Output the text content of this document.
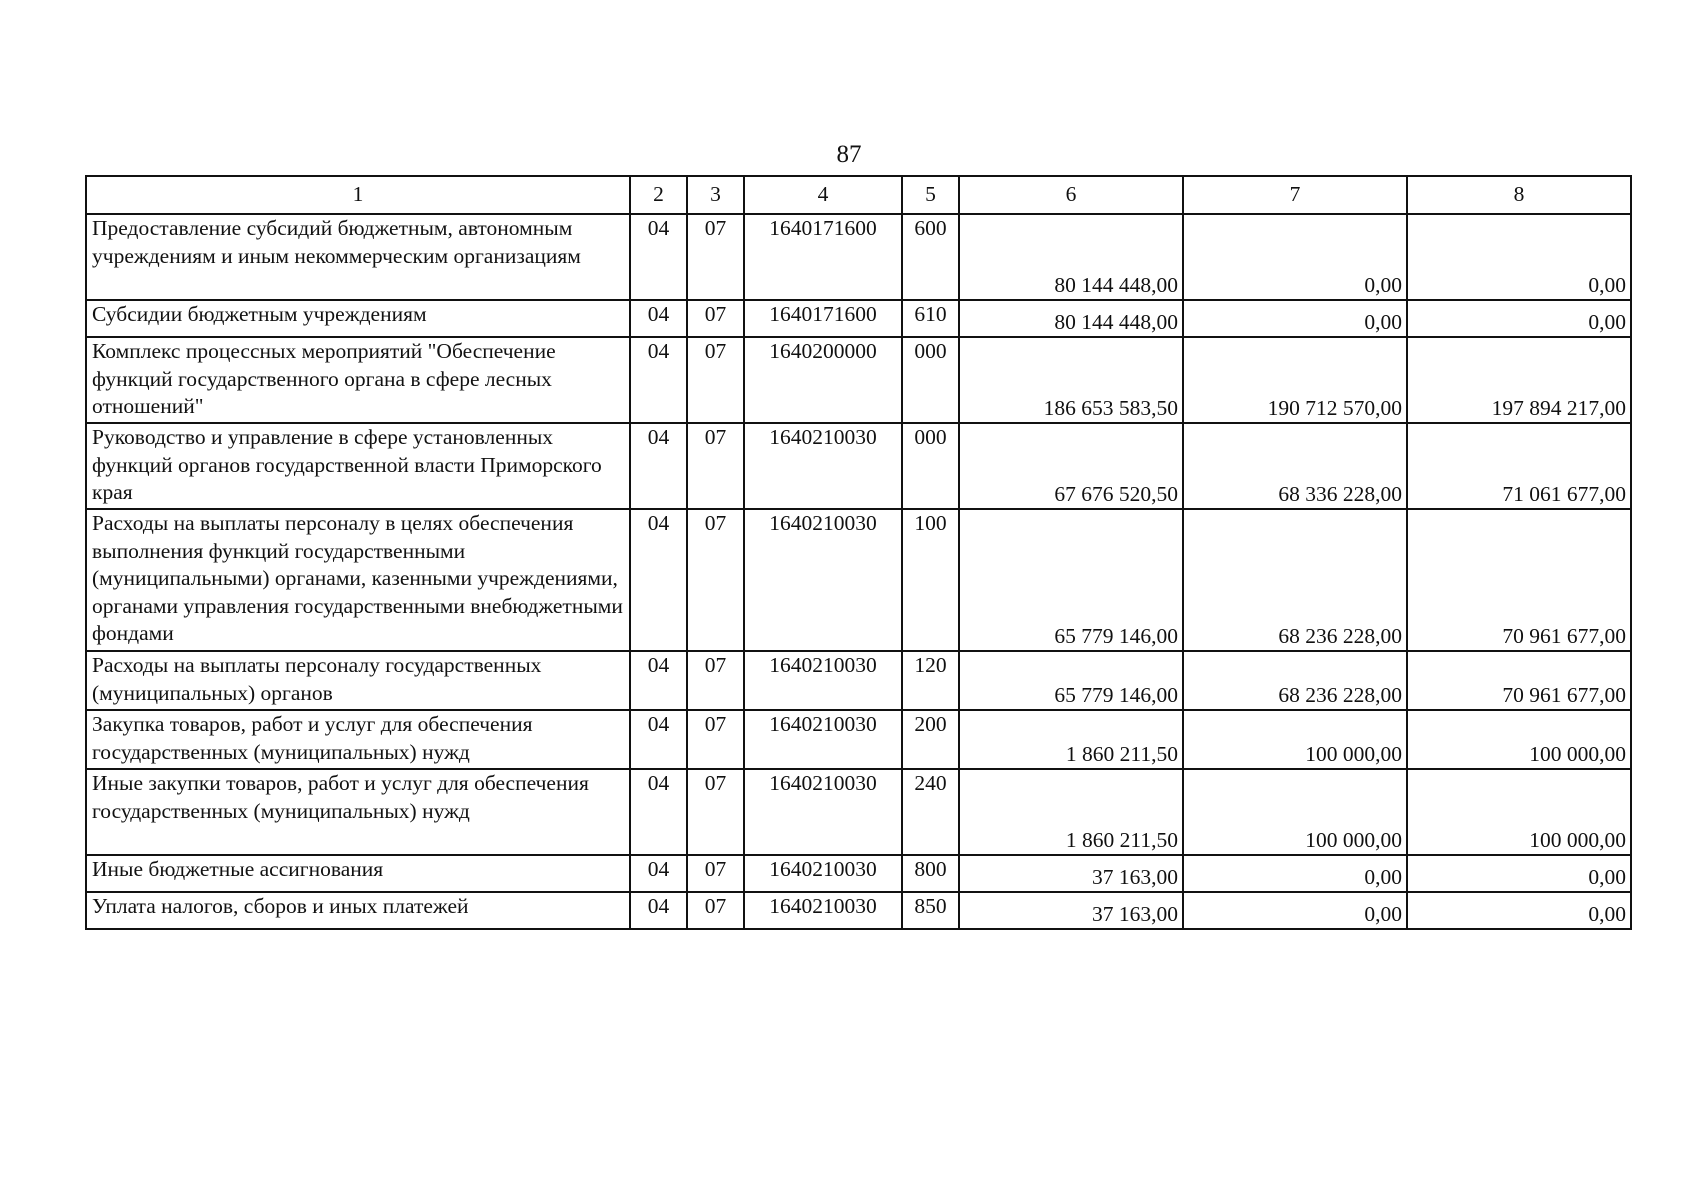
87
1	2	3	4	5	6	7	8
Предоставление субсидий бюджетным, автономным учреждениям и иным некоммерческим организациям	04	07	1640171600	600	80 144 448,00	0,00	0,00
Субсидии бюджетным учреждениям	04	07	1640171600	610	80 144 448,00	0,00	0,00
Комплекс процессных мероприятий "Обеспечение функций государственного органа в сфере лесных отношений"	04	07	1640200000	000	186 653 583,50	190 712 570,00	197 894 217,00
Руководство и управление в сфере установленных функций органов государственной власти Приморского края	04	07	1640210030	000	67 676 520,50	68 336 228,00	71 061 677,00
Расходы на выплаты персоналу в целях обеспечения выполнения функций государственными (муниципальными) органами, казенными учреждениями, органами управления государственными внебюджетными фондами	04	07	1640210030	100	65 779 146,00	68 236 228,00	70 961 677,00
Расходы на выплаты персоналу государственных (муниципальных) органов	04	07	1640210030	120	65 779 146,00	68 236 228,00	70 961 677,00
Закупка товаров, работ и услуг для обеспечения государственных (муниципальных) нужд	04	07	1640210030	200	1 860 211,50	100 000,00	100 000,00
Иные закупки товаров, работ и услуг для обеспечения государственных (муниципальных) нужд	04	07	1640210030	240	1 860 211,50	100 000,00	100 000,00
Иные бюджетные ассигнования	04	07	1640210030	800	37 163,00	0,00	0,00
Уплата налогов, сборов и иных платежей	04	07	1640210030	850	37 163,00	0,00	0,00
